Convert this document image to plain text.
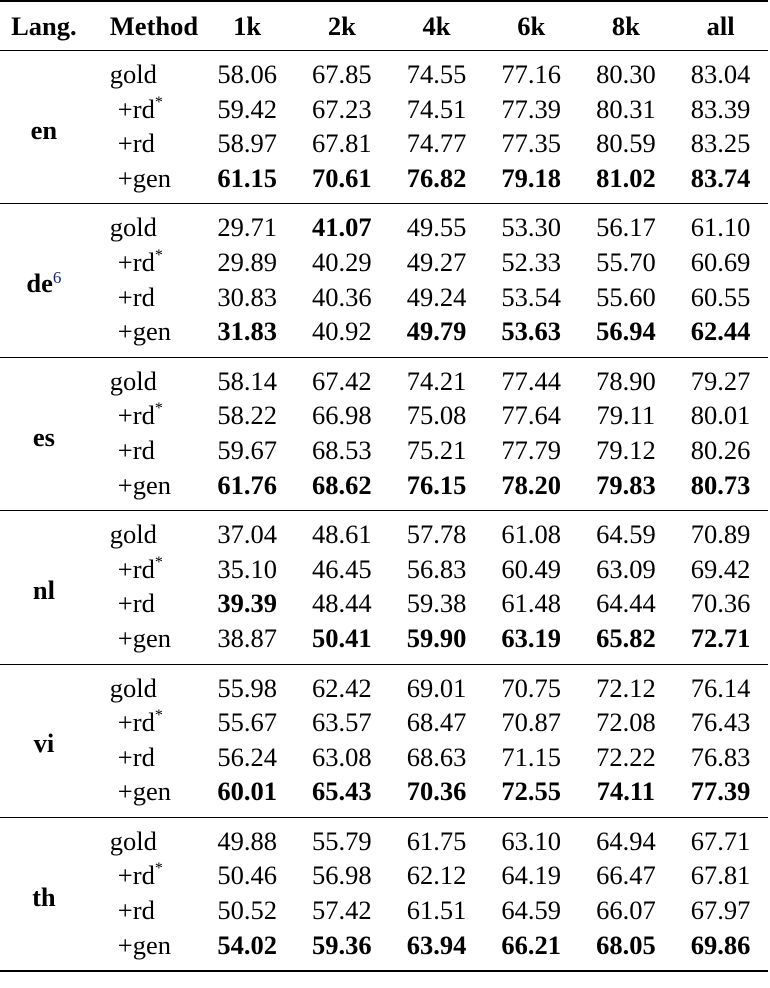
Lang.	Method	1k	2k	4k	6k	8k	all
en	gold	58.06	67.85	74.55	77.16	80.30	83.04
	+rd*	59.42	67.23	74.51	77.39	80.31	83.39
	+rd	58.97	67.81	74.77	77.35	80.59	83.25
	+gen	61.15	70.61	76.82	79.18	81.02	83.74
$de^6$	gold	29.71	41.07	49.55	53.30	56.17	61.10
	+rd*	29.89	40.29	49.27	52.33	55.70	60.69
	+rd	30.83	40.36	49.24	53.54	55.60	60.55
	+gen	31.83	40.92	49.79	53.63	56.94	62.44
es	gold	58.14	67.42	74.21	77.44	78.90	79.27
	+rd*	58.22	66.98	75.08	77.64	79.11	80.01
	+rd	59.67	68.53	75.21	77.79	79.12	80.26
	+gen	61.76	68.62	76.15	78.20	79.83	80.73
nl	gold	37.04	48.61	57.78	61.08	64.59	70.89
	+rd*	35.10	46.45	56.83	60.49	63.09	69.42
	+rd	39.39	48.44	59.38	61.48	64.44	70.36
	+gen	38.87	50.41	59.90	63.19	65.82	72.71
vi	gold	55.98	62.42	69.01	70.75	72.12	76.14
	+rd*	55.67	63.57	68.47	70.87	72.08	76.43
	+rd	56.24	63.08	68.63	71.15	72.22	76.83
	+gen	60.01	65.43	70.36	72.55	74.11	77.39
th	gold	49.88	55.79	61.75	63.10	64.94	67.71
	+rd*	50.46	56.98	62.12	64.19	66.47	67.81
	+rd	50.52	57.42	61.51	64.59	66.07	67.97
	+gen	54.02	59.36	63.94	66.21	68.05	69.86
